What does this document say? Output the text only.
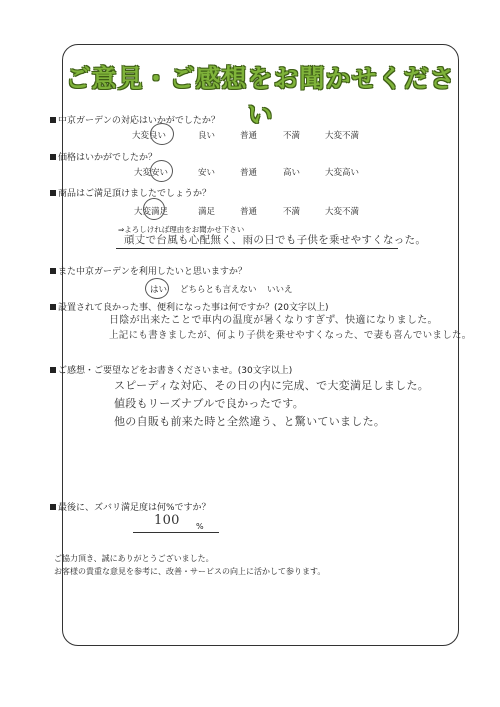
ご意見・ご感想をお聞かせください
中京ガーデンの対応はいかがでしたか？
大変良い	良い	普通	不満	大変不満
価格はいかがでしたか？
大変安い	安い	普通	高い	大変高い
商品はご満足頂けましたでしょうか？
大変満足	満足	普通	不満	大変不満
⇒よろしければ理由をお聞かせ下さい
頑丈で台風も心配無く、雨の日でも子供を乗せやすくなった。
また中京ガーデンを利用したいと思いますか？
はい どちらとも言えない いいえ
設置されて良かった事、便利になった事は何ですか？(20文字以上)
日陰が出来たことで車内の温度が暑くなりすぎず、快適になりました。
上記にも書きましたが、何より子供を乗せやすくなった、で妻も喜んでいました。
ご感想・ご要望などをお書きくださいませ。(30文字以上)
スピーディな対応、その日の内に完成、で大変満足しました。
値段もリーズナブルで良かったです。
他の自販も前来た時と全然違う、と驚いていました。
最後に、ズバリ満足度は何%ですか？
100 %
ご協力頂き、誠にありがとうございました。
お客様の貴重な意見を参考に、改善・サービスの向上に活かして参ります。
